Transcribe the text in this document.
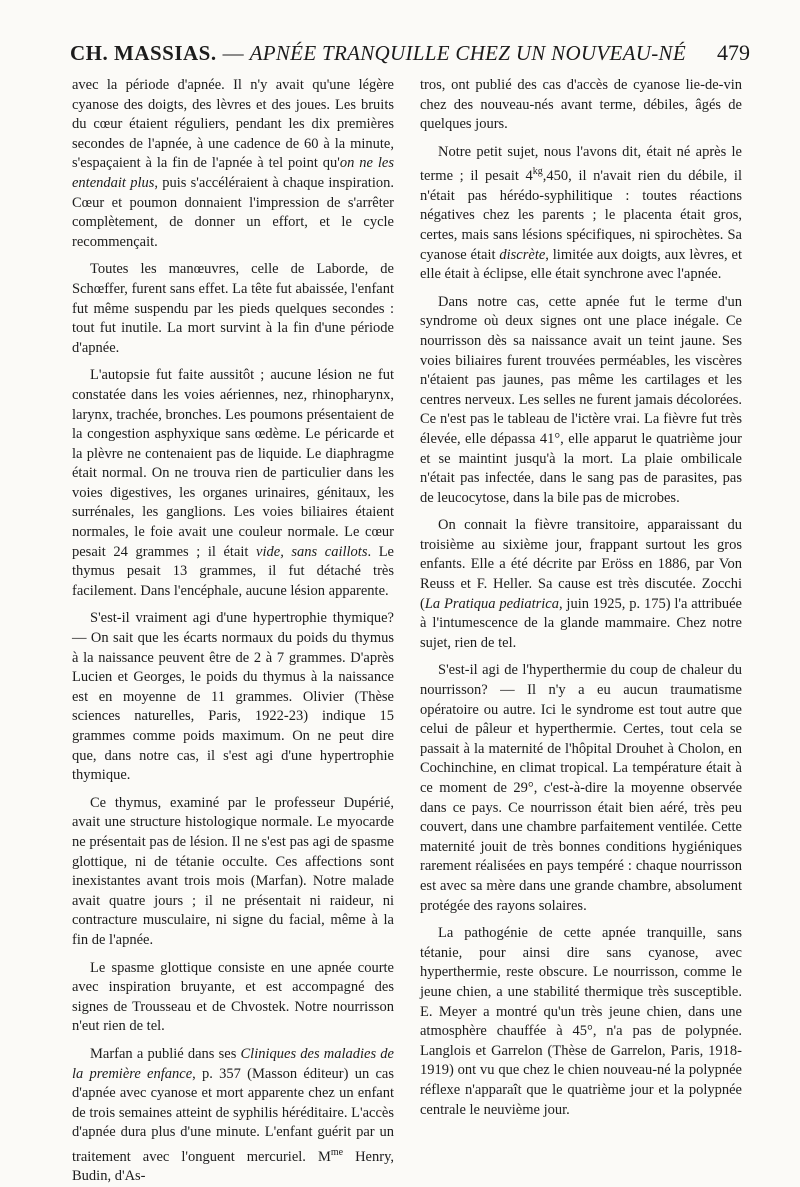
CH. MASSIAS. — APNÉE TRANQUILLE CHEZ UN NOUVEAU-NÉ 479

avec la période d'apnée. Il n'y avait qu'une légère cyanose des doigts, des lèvres et des joues. Les bruits du cœur étaient réguliers, pendant les dix premières secondes de l'apnée, à une cadence de 60 à la minute, s'espaçaient à la fin de l'apnée à tel point qu'on ne les entendait plus, puis s'accéléraient à chaque inspiration. Cœur et poumon donnaient l'impression de s'arrêter complètement, de donner un effort, et le cycle recommençait.

Toutes les manœuvres, celle de Laborde, de Schœffer, furent sans effet. La tête fut abaissée, l'enfant fut même suspendu par les pieds quelques secondes : tout fut inutile. La mort survint à la fin d'une période d'apnée.

L'autopsie fut faite aussitôt ; aucune lésion ne fut constatée dans les voies aériennes, nez, rhinopharynx, larynx, trachée, bronches. Les poumons présentaient de la congestion asphyxique sans œdème. Le péricarde et la plèvre ne contenaient pas de liquide. Le diaphragme était normal. On ne trouva rien de particulier dans les voies digestives, les organes urinaires, génitaux, les surrénales, les ganglions. Les voies biliaires étaient normales, le foie avait une couleur normale. Le cœur pesait 24 grammes ; il était vide, sans caillots. Le thymus pesait 13 grammes, il fut détaché très facilement. Dans l'encéphale, aucune lésion apparente.

S'est-il vraiment agi d'une hypertrophie thymique? — On sait que les écarts normaux du poids du thymus à la naissance peuvent être de 2 à 7 grammes. D'après Lucien et Georges, le poids du thymus à la naissance est en moyenne de 11 grammes. Olivier (Thèse sciences naturelles, Paris, 1922-23) indique 15 grammes comme poids maximum. On ne peut dire que, dans notre cas, il s'est agi d'une hypertrophie thymique.

Ce thymus, examiné par le professeur Dupérié, avait une structure histologique normale. Le myocarde ne présentait pas de lésion. Il ne s'est pas agi de spasme glottique, ni de tétanie occulte. Ces affections sont inexistantes avant trois mois (Marfan). Notre malade avait quatre jours ; il ne présentait ni raideur, ni contracture musculaire, ni signe du facial, même à la fin de l'apnée.

Le spasme glottique consiste en une apnée courte avec inspiration bruyante, et est accompagné des signes de Trousseau et de Chvostek. Notre nourrisson n'eut rien de tel.

Marfan a publié dans ses Cliniques des maladies de la première enfance, p. 357 (Masson éditeur) un cas d'apnée avec cyanose et mort apparente chez un enfant de trois semaines atteint de syphilis héréditaire. L'accès d'apnée dura plus d'une minute. L'enfant guérit par un traitement avec l'onguent mercuriel. $M^{me}$ Henry, Budin, d'As-

tros, ont publié des cas d'accès de cyanose lie-de-vin chez des nouveau-nés avant terme, débiles, âgés de quelques jours.

Notre petit sujet, nous l'avons dit, était né après le terme ; il pesait $4^{kg},450$, il n'avait rien du débile, il n'était pas hérédo-syphilitique : toutes réactions négatives chez les parents ; le placenta était gros, certes, mais sans lésions spécifiques, ni spirochètes. Sa cyanose était discrète, limitée aux doigts, aux lèvres, et elle était à éclipse, elle était synchrone avec l'apnée.

Dans notre cas, cette apnée fut le terme d'un syndrome où deux signes ont une place inégale. Ce nourrisson dès sa naissance avait un teint jaune. Ses voies biliaires furent trouvées perméables, les viscères n'étaient pas jaunes, pas même les cartilages et les centres nerveux. Les selles ne furent jamais décolorées. Ce n'est pas le tableau de l'ictère vrai. La fièvre fut très élevée, elle dépassa 41°, elle apparut le quatrième jour et se maintint jusqu'à la mort. La plaie ombilicale n'était pas infectée, dans le sang pas de parasites, pas de leucocytose, dans la bile pas de microbes.

On connait la fièvre transitoire, apparaissant du troisième au sixième jour, frappant surtout les gros enfants. Elle a été décrite par Eröss en 1886, par Von Reuss et F. Heller. Sa cause est très discutée. Zocchi (La Pratiqua pediatrica, juin 1925, p. 175) l'a attribuée à l'intumescence de la glande mammaire. Chez notre sujet, rien de tel.

S'est-il agi de l'hyperthermie du coup de chaleur du nourrisson? — Il n'y a eu aucun traumatisme opératoire ou autre. Ici le syndrome est tout autre que celui de pâleur et hyperthermie. Certes, tout cela se passait à la maternité de l'hôpital Drouhet à Cholon, en Cochinchine, en climat tropical. La température était à ce moment de 29°, c'est-à-dire la moyenne observée dans ce pays. Ce nourrisson était bien aéré, très peu couvert, dans une chambre parfaitement ventilée. Cette maternité jouit de très bonnes conditions hygiéniques rarement réalisées en pays tempéré : chaque nourrisson est avec sa mère dans une grande chambre, absolument protégée des rayons solaires.

La pathogénie de cette apnée tranquille, sans tétanie, pour ainsi dire sans cyanose, avec hyperthermie, reste obscure. Le nourrisson, comme le jeune chien, a une stabilité thermique très susceptible. E. Meyer a montré qu'un très jeune chien, dans une atmosphère chauffée à 45°, n'a pas de polypnée. Langlois et Garrelon (Thèse de Garrelon, Paris, 1918-1919) ont vu que chez le chien nouveau-né la polypnée réflexe n'apparaît que le quatrième jour et la polypnée centrale le neuvième jour.
